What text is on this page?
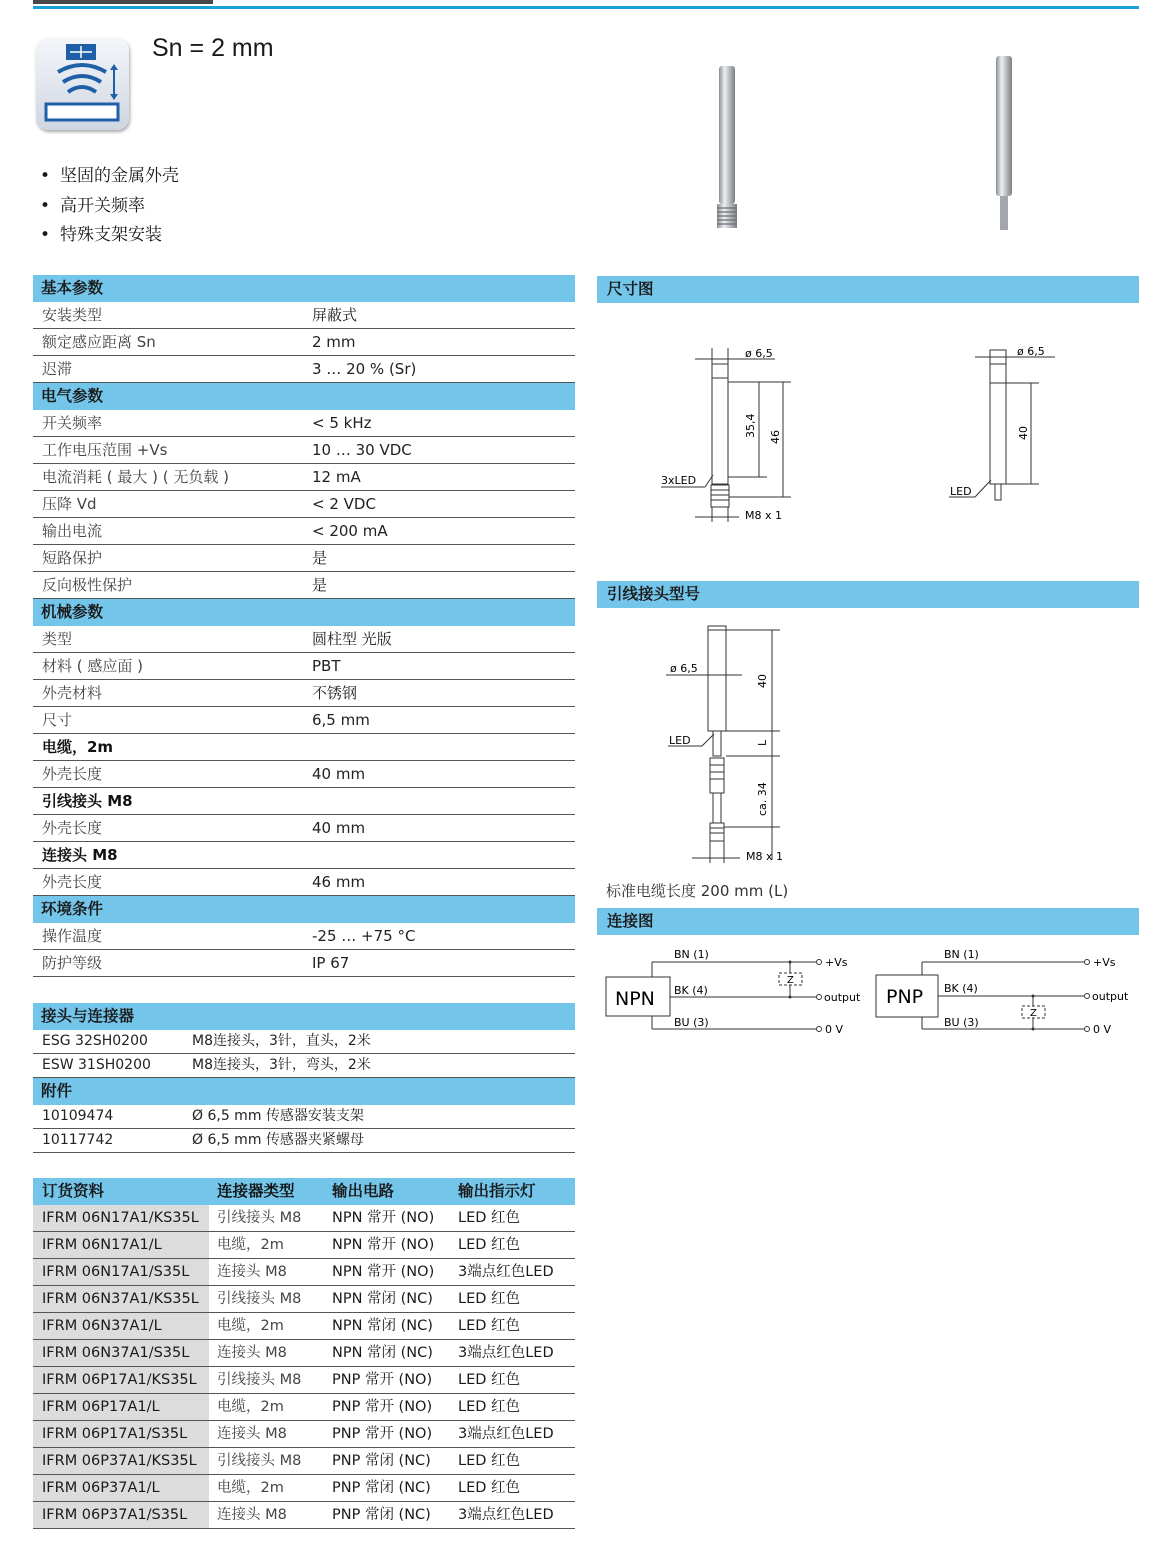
Sn = 2 mm
• 坚固的金属外壳
• 高开关频率
• 特殊支架安装
基本参数
安装类型	屏蔽式
额定感应距离 Sn	2 mm
迟滞	3 … 20 % (Sr)
电气参数
开关频率	< 5 kHz
工作电压范围 +Vs	10 … 30 VDC
电流消耗 ( 最大 ) ( 无负载 )	12 mA
压降 Vd	< 2 VDC
输出电流	< 200 mA
短路保护	是
反向极性保护	是
机械参数
类型	圆柱型 光版
材料 ( 感应面 )	PBT
外壳材料	不锈钢
尺寸	6,5 mm
电缆，2m
外壳长度	40 mm
引线接头 M8
外壳长度	40 mm
连接头 M8
外壳长度	46 mm
环境条件
操作温度	-25 … +75 °C
防护等级	IP 67
接头与连接器
ESG 32SH0200	M8连接头，3针，直头，2米
ESW 31SH0200	M8连接头，3针，弯头，2米
附件
10109474	Ø 6,5 mm 传感器安装支架
10117742	Ø 6,5 mm 传感器夹紧螺母
订货资料	连接器类型	输出电路	输出指示灯
IFRM 06N17A1/KS35L	引线接头 M8	NPN 常开 (NO)	LED 红色
IFRM 06N17A1/L	电缆，2m	NPN 常开 (NO)	LED 红色
IFRM 06N17A1/S35L	连接头 M8	NPN 常开 (NO)	3端点红色LED
IFRM 06N37A1/KS35L	引线接头 M8	NPN 常闭 (NC)	LED 红色
IFRM 06N37A1/L	电缆，2m	NPN 常闭 (NC)	LED 红色
IFRM 06N37A1/S35L	连接头 M8	NPN 常闭 (NC)	3端点红色LED
IFRM 06P17A1/KS35L	引线接头 M8	PNP 常开 (NO)	LED 红色
IFRM 06P17A1/L	电缆，2m	PNP 常开 (NO)	LED 红色
IFRM 06P17A1/S35L	连接头 M8	PNP 常开 (NO)	3端点红色LED
IFRM 06P37A1/KS35L	引线接头 M8	PNP 常闭 (NC)	LED 红色
IFRM 06P37A1/L	电缆，2m	PNP 常闭 (NC)	LED 红色
IFRM 06P37A1/S35L	连接头 M8	PNP 常闭 (NC)	3端点红色LED
尺寸图
ø 6,5
35,4 46
3xLED
M8 x 1
ø 6,5
40
LED
引线接头型号
ø 6,5
40
L
ca. 34
LED
M8 x 1
标准电缆长度 200 mm (L)
连接图
NPN
BN (1)
BK (4)
BU (3)
+Vs
output
0 V
Z
PNP
BN (1)
BK (4)
BU (3)
+Vs
output
0 V
Z
